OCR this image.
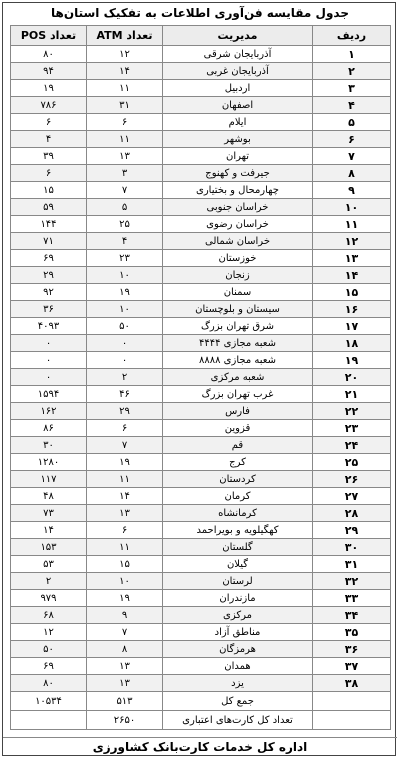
جدول مقایسه فن‌آوری اطلاعات به تفکیک استان‌ها
ردیف	مدیریت	تعداد ATM	تعداد POS
۱	آذربایجان شرقی	۱۲	۸۰
۲	آذربایجان غربی	۱۴	۹۴
۳	اردبیل	۱۱	۱۹
۴	اصفهان	۳۱	۷۸۶
۵	ایلام	۶	۶
۶	بوشهر	۱۱	۴
۷	تهران	۱۳	۳۹
۸	جیرفت و کهنوج	۳	۶
۹	چهارمحال و بختیاری	۷	۱۵
۱۰	خراسان جنوبی	۵	۵۹
۱۱	خراسان رضوی	۲۵	۱۴۴
۱۲	خراسان شمالی	۴	۷۱
۱۳	خوزستان	۲۳	۶۹
۱۴	زنجان	۱۰	۲۹
۱۵	سمنان	۱۹	۹۲
۱۶	سیستان و بلوچستان	۱۰	۳۶
۱۷	شرق تهران بزرگ	۵۰	۴۰۹۳
۱۸	شعبه مجازی ۴۴۴۴	۰	۰
۱۹	شعبه مجازی ۸۸۸۸	۰	۰
۲۰	شعبه مرکزی	۲	۰
۲۱	غرب تهران بزرگ	۴۶	۱۵۹۴
۲۲	فارس	۲۹	۱۶۲
۲۳	قزوین	۶	۸۶
۲۴	قم	۷	۳۰
۲۵	کرج	۱۹	۱۲۸۰
۲۶	کردستان	۱۱	۱۱۷
۲۷	کرمان	۱۴	۴۸
۲۸	کرمانشاه	۱۳	۷۳
۲۹	کهگیلویه و بویراحمد	۶	۱۴
۳۰	گلستان	۱۱	۱۵۳
۳۱	گیلان	۱۵	۵۳
۳۲	لرستان	۱۰	۲
۳۳	مازندران	۱۹	۹۷۹
۳۴	مرکزی	۹	۶۸
۳۵	مناطق آزاد	۷	۱۲
۳۶	هرمزگان	۸	۵۰
۳۷	همدان	۱۳	۶۹
۳۸	یزد	۱۳	۸۰
	جمع کل	۵۱۳	۱۰۵۳۴
	تعداد کل کارت‌های اعتباری	۲۶۵۰	
اداره کل خدمات کارت‌بانک کشاورزی
